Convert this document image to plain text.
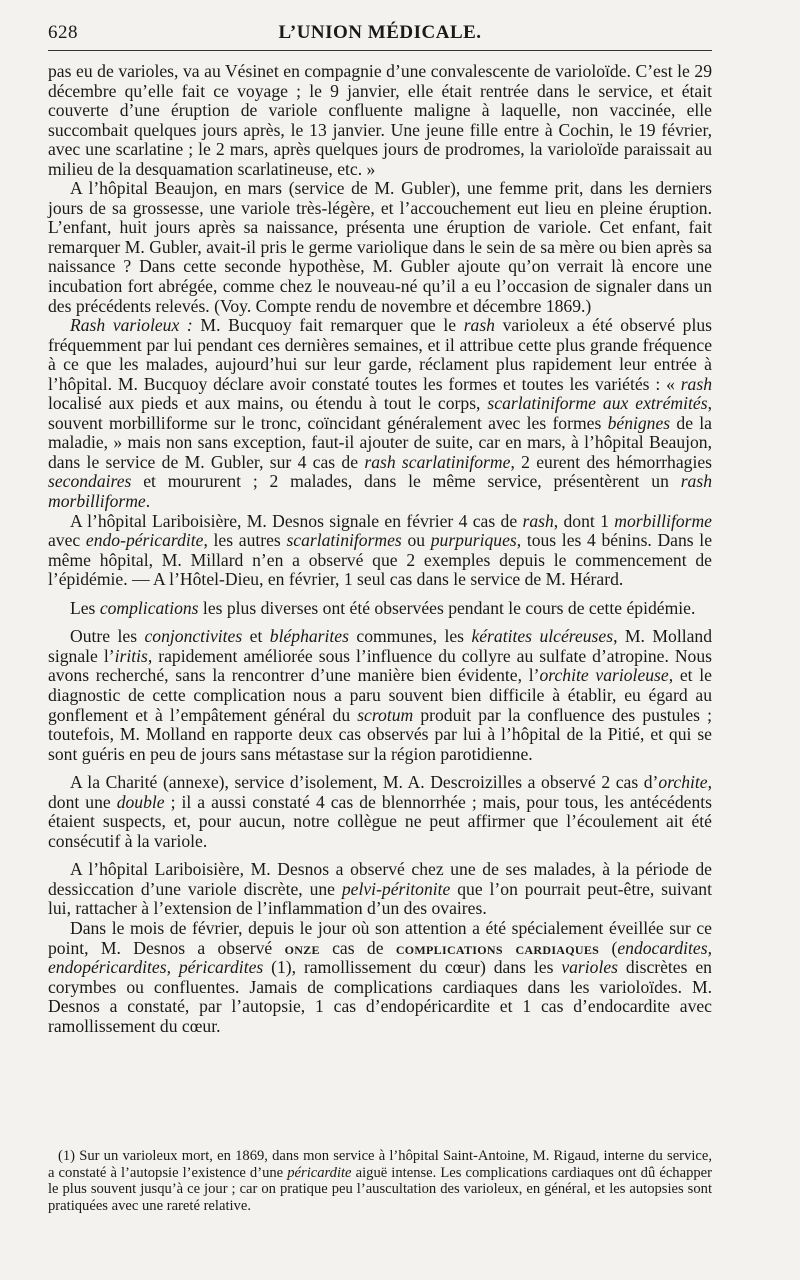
628	L’UNION MÉDICALE.

pas eu de varioles, va au Vésinet en compagnie d’une convalescente de varioloïde. C’est le 29 décembre qu’elle fait ce voyage ; le 9 janvier, elle était rentrée dans le service, et était couverte d’une éruption de variole confluente maligne à laquelle, non vaccinée, elle succombait quelques jours après, le 13 janvier. Une jeune fille entre à Cochin, le 19 février, avec une scarlatine ; le 2 mars, après quelques jours de prodromes, la varioloïde paraissait au milieu de la desquamation scarlatineuse, etc. »

A l’hôpital Beaujon, en mars (service de M. Gubler), une femme prit, dans les derniers jours de sa grossesse, une variole très-légère, et l’accouchement eut lieu en pleine éruption. L’enfant, huit jours après sa naissance, présenta une éruption de variole. Cet enfant, fait remarquer M. Gubler, avait-il pris le germe variolique dans le sein de sa mère ou bien après sa naissance ? Dans cette seconde hypothèse, M. Gubler ajoute qu’on verrait là encore une incubation fort abrégée, comme chez le nouveau-né qu’il a eu l’occasion de signaler dans un des précédents relevés. (Voy. Compte rendu de novembre et décembre 1869.)

Rash varioleux : M. Bucquoy fait remarquer que le rash varioleux a été observé plus fréquemment par lui pendant ces dernières semaines, et il attribue cette plus grande fréquence à ce que les malades, aujourd’hui sur leur garde, réclament plus rapidement leur entrée à l’hôpital. M. Bucquoy déclare avoir constaté toutes les formes et toutes les variétés : « rash localisé aux pieds et aux mains, ou étendu à tout le corps, scarlatiniforme aux extrémités, souvent morbilliforme sur le tronc, coïncidant généralement avec les formes bénignes de la maladie, » mais non sans exception, faut-il ajouter de suite, car en mars, à l’hôpital Beaujon, dans le service de M. Gubler, sur 4 cas de rash scarlatiniforme, 2 eurent des hémorrhagies secondaires et moururent ; 2 malades, dans le même service, présentèrent un rash morbilliforme.

A l’hôpital Lariboisière, M. Desnos signale en février 4 cas de rash, dont 1 morbilliforme avec endo-péricardite, les autres scarlatiniformes ou purpuriques, tous les 4 bénins. Dans le même hôpital, M. Millard n’en a observé que 2 exemples depuis le commencement de l’épidémie. — A l’Hôtel-Dieu, en février, 1 seul cas dans le service de M. Hérard.

Les complications les plus diverses ont été observées pendant le cours de cette épidémie.

Outre les conjonctivites et blépharites communes, les kératites ulcéreuses, M. Molland signale l’iritis, rapidement améliorée sous l’influence du collyre au sulfate d’atropine. Nous avons recherché, sans la rencontrer d’une manière bien évidente, l’orchite varioleuse, et le diagnostic de cette complication nous a paru souvent bien difficile à établir, eu égard au gonflement et à l’empâtement général du scrotum produit par la confluence des pustules ; toutefois, M. Molland en rapporte deux cas observés par lui à l’hôpital de la Pitié, et qui se sont guéris en peu de jours sans métastase sur la région parotidienne.

A la Charité (annexe), service d’isolement, M. A. Descroizilles a observé 2 cas d’orchite, dont une double ; il a aussi constaté 4 cas de blennorrhée ; mais, pour tous, les antécédents étaient suspects, et, pour aucun, notre collègue ne peut affirmer que l’écoulement ait été consécutif à la variole.

A l’hôpital Lariboisière, M. Desnos a observé chez une de ses malades, à la période de dessiccation d’une variole discrète, une pelvi-péritonite que l’on pourrait peut-être, suivant lui, rattacher à l’extension de l’inflammation d’un des ovaires.

Dans le mois de février, depuis le jour où son attention a été spécialement éveillée sur ce point, M. Desnos a observé onze cas de complications cardiaques (endocardites, endopéricardites, péricardites (1), ramollissement du cœur) dans les varioles discrètes en corymbes ou confluentes. Jamais de complications cardiaques dans les varioloïdes. M. Desnos a constaté, par l’autopsie, 1 cas d’endopéricardite et 1 cas d’endocardite avec ramollissement du cœur.

(1) Sur un varioleux mort, en 1869, dans mon service à l’hôpital Saint-Antoine, M. Rigaud, interne du service, a constaté à l’autopsie l’existence d’une péricardite aiguë intense. Les complications cardiaques ont dû échapper le plus souvent jusqu’à ce jour ; car on pratique peu l’auscultation des varioleux, en général, et les autopsies sont pratiquées avec une rareté relative.
